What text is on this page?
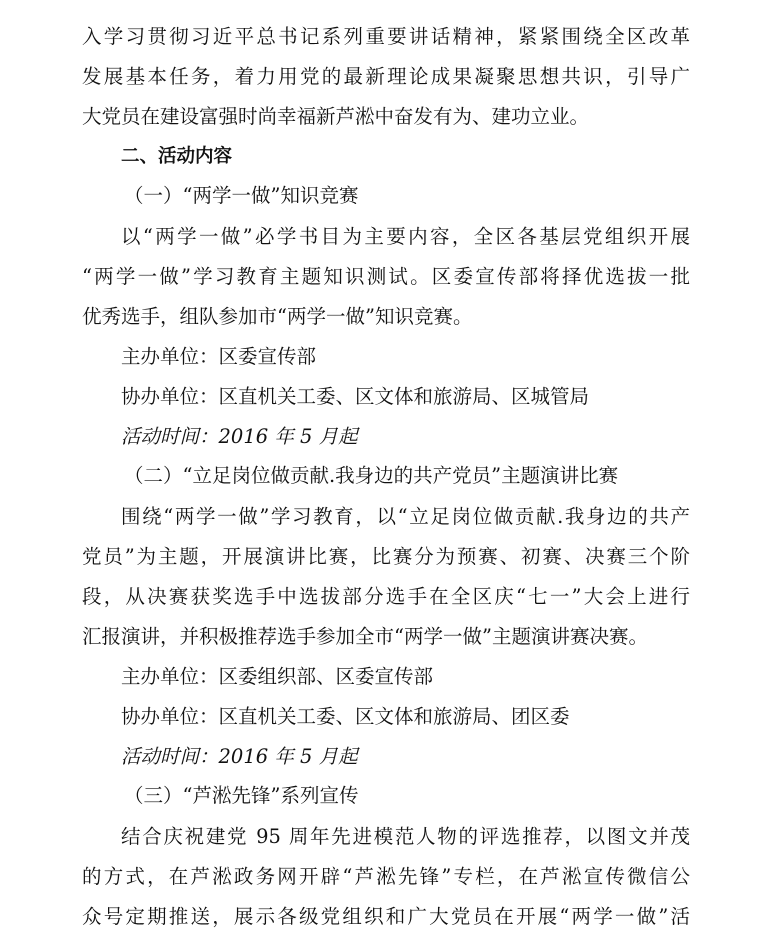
入学习贯彻习近平总书记系列重要讲话精神，紧紧围绕全区改革
发展基本任务，着力用党的最新理论成果凝聚思想共识，引导广
大党员在建设富强时尚幸福新芦淞中奋发有为、建功立业。
二、活动内容
（一）“两学一做”知识竞赛
以“两学一做”必学书目为主要内容，全区各基层党组织开展
“两学一做”学习教育主题知识测试。区委宣传部将择优选拔一批
优秀选手，组队参加市“两学一做”知识竞赛。
主办单位：区委宣传部
协办单位：区直机关工委、区文体和旅游局、区城管局
活动时间：2016 年 5 月起
（二）“立足岗位做贡献.我身边的共产党员”主题演讲比赛
围绕“两学一做”学习教育，以“立足岗位做贡献.我身边的共产
党员”为主题，开展演讲比赛，比赛分为预赛、初赛、决赛三个阶
段，从决赛获奖选手中选拔部分选手在全区庆“七一”大会上进行
汇报演讲，并积极推荐选手参加全市“两学一做”主题演讲赛决赛。
主办单位：区委组织部、区委宣传部
协办单位：区直机关工委、区文体和旅游局、团区委
活动时间：2016 年 5 月起
（三）“芦淞先锋”系列宣传
结合庆祝建党 95 周年先进模范人物的评选推荐，以图文并茂
的方式，在芦淞政务网开辟“芦淞先锋”专栏，在芦淞宣传微信公
众号定期推送，展示各级党组织和广大党员在开展“两学一做”活
